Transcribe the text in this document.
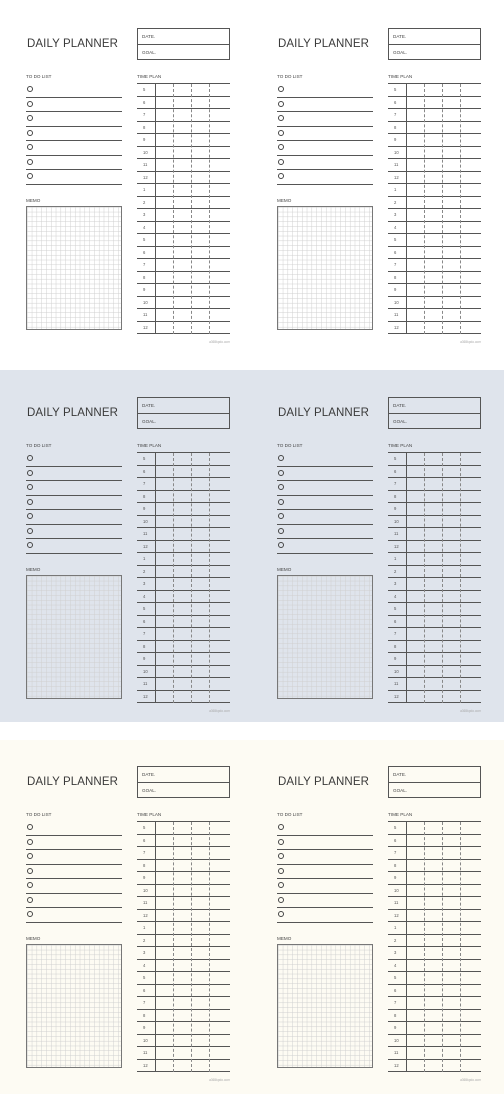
DAILY PLANNER
DATE.
GOAL.
TO DO LIST
MEMO
TIME PLAN
5
6
7
8
9
10
11
12
1
2
3
4
5
6
7
8
9
10
11
12
a365kpdo.com
DAILY PLANNER
DATE.
GOAL.
TO DO LIST
MEMO
TIME PLAN
5
6
7
8
9
10
11
12
1
2
3
4
5
6
7
8
9
10
11
12
a365kpdo.com
DAILY PLANNER
DATE.
GOAL.
TO DO LIST
MEMO
TIME PLAN
5
6
7
8
9
10
11
12
1
2
3
4
5
6
7
8
9
10
11
12
a365kpdo.com
DAILY PLANNER
DATE.
GOAL.
TO DO LIST
MEMO
TIME PLAN
5
6
7
8
9
10
11
12
1
2
3
4
5
6
7
8
9
10
11
12
a365kpdo.com
DAILY PLANNER
DATE.
GOAL.
TO DO LIST
MEMO
TIME PLAN
5
6
7
8
9
10
11
12
1
2
3
4
5
6
7
8
9
10
11
12
a365kpdo.com
DAILY PLANNER
DATE.
GOAL.
TO DO LIST
MEMO
TIME PLAN
5
6
7
8
9
10
11
12
1
2
3
4
5
6
7
8
9
10
11
12
a365kpdo.com
